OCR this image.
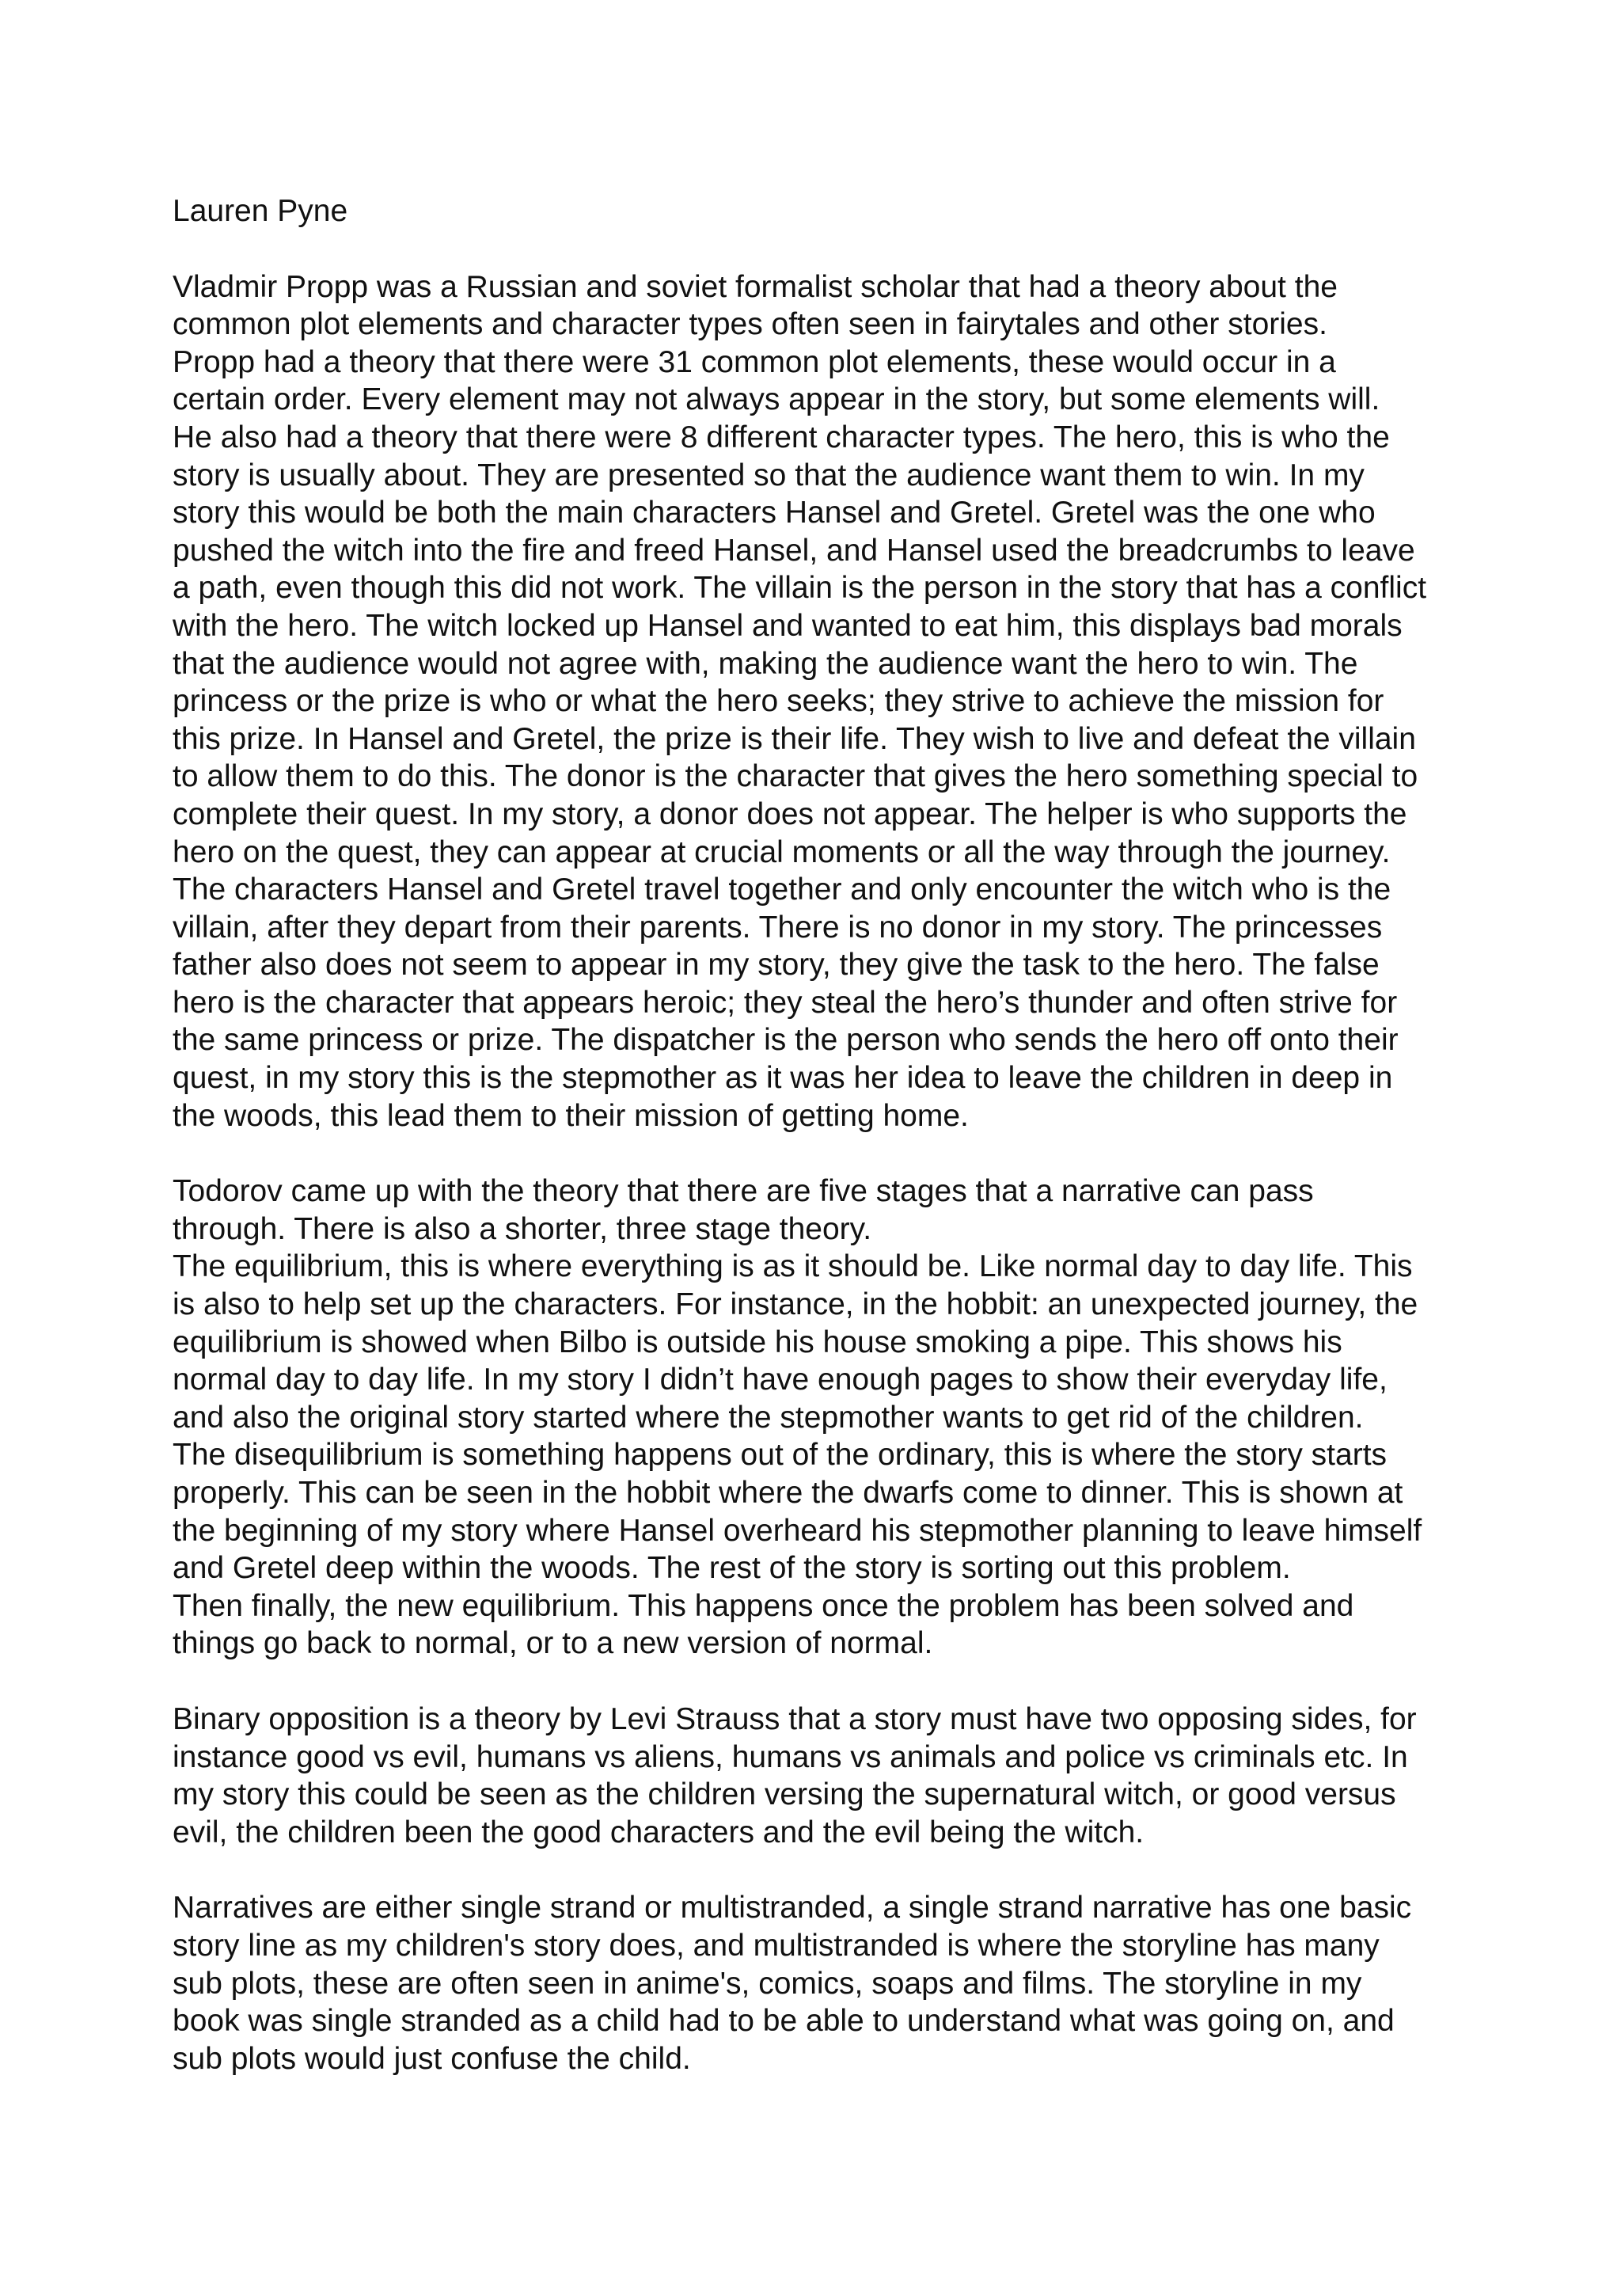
Lauren Pyne
Vladmir Propp was a Russian and soviet formalist scholar that had a theory about the
common plot elements and character types often seen in fairytales and other stories.
Propp had a theory that there were 31 common plot elements, these would occur in a
certain order. Every element may not always appear in the story, but some elements will.
He also had a theory that there were 8 different character types. The hero, this is who the
story is usually about. They are presented so that the audience want them to win. In my
story this would be both the main characters Hansel and Gretel. Gretel was the one who
pushed the witch into the fire and freed Hansel, and Hansel used the breadcrumbs to leave
a path, even though this did not work. The villain is the person in the story that has a conflict
with the hero. The witch locked up Hansel and wanted to eat him, this displays bad morals
that the audience would not agree with, making the audience want the hero to win. The
princess or the prize is who or what the hero seeks; they strive to achieve the mission for
this prize. In Hansel and Gretel, the prize is their life. They wish to live and defeat the villain
to allow them to do this. The donor is the character that gives the hero something special to
complete their quest. In my story, a donor does not appear. The helper is who supports the
hero on the quest, they can appear at crucial moments or all the way through the journey.
The characters Hansel and Gretel travel together and only encounter the witch who is the
villain, after they depart from their parents. There is no donor in my story. The princesses
father also does not seem to appear in my story, they give the task to the hero. The false
hero is the character that appears heroic; they steal the hero’s thunder and often strive for
the same princess or prize. The dispatcher is the person who sends the hero off onto their
quest, in my story this is the stepmother as it was her idea to leave the children in deep in
the woods, this lead them to their mission of getting home.
Todorov came up with the theory that there are five stages that a narrative can pass
through. There is also a shorter, three stage theory.
The equilibrium, this is where everything is as it should be. Like normal day to day life. This
is also to help set up the characters. For instance, in the hobbit: an unexpected journey, the
equilibrium is showed when Bilbo is outside his house smoking a pipe. This shows his
normal day to day life. In my story I didn’t have enough pages to show their everyday life,
and also the original story started where the stepmother wants to get rid of the children.
The disequilibrium is something happens out of the ordinary, this is where the story starts
properly. This can be seen in the hobbit where the dwarfs come to dinner. This is shown at
the beginning of my story where Hansel overheard his stepmother planning to leave himself
and Gretel deep within the woods. The rest of the story is sorting out this problem.
Then finally, the new equilibrium. This happens once the problem has been solved and
things go back to normal, or to a new version of normal.
Binary opposition is a theory by Levi Strauss that a story must have two opposing sides, for
instance good vs evil, humans vs aliens, humans vs animals and police vs criminals etc. In
my story this could be seen as the children versing the supernatural witch, or good versus
evil, the children been the good characters and the evil being the witch.
Narratives are either single strand or multistranded, a single strand narrative has one basic
story line as my children's story does, and multistranded is where the storyline has many
sub plots, these are often seen in anime's, comics, soaps and films. The storyline in my
book was single stranded as a child had to be able to understand what was going on, and
sub plots would just confuse the child.
